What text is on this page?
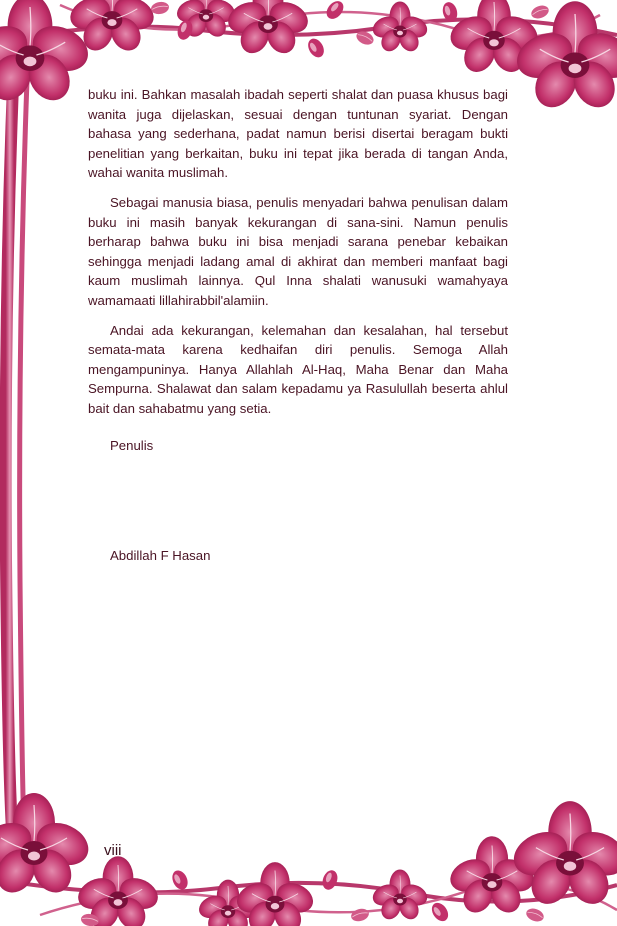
buku ini. Bahkan masalah ibadah seperti shalat dan puasa khusus bagi wanita juga dijelaskan, sesuai dengan tuntunan syariat. Dengan bahasa yang sederhana, padat namun berisi disertai beragam bukti penelitian yang berkaitan, buku ini tepat jika berada di tangan Anda, wahai wanita muslimah.

Sebagai manusia biasa, penulis menyadari bahwa penulisan dalam buku ini masih banyak kekurangan di sana-sini. Namun penulis berharap bahwa buku ini bisa menjadi sarana penebar kebaikan sehingga menjadi ladang amal di akhirat dan memberi manfaat bagi kaum muslimah lainnya. Qul Inna shalati wanusuki wamahyaya wamamaati lillahirabbil'alamiin.

Andai ada kekurangan, kelemahan dan kesalahan, hal tersebut semata-mata karena kedhaifan diri penulis. Semoga Allah mengampuninya. Hanya Allahlah Al-Haq, Maha Benar dan Maha Sempurna. Shalawat dan salam kepadamu ya Rasulullah beserta ahlul bait dan sahabatmu yang setia.

Penulis
Abdillah F Hasan
viii
